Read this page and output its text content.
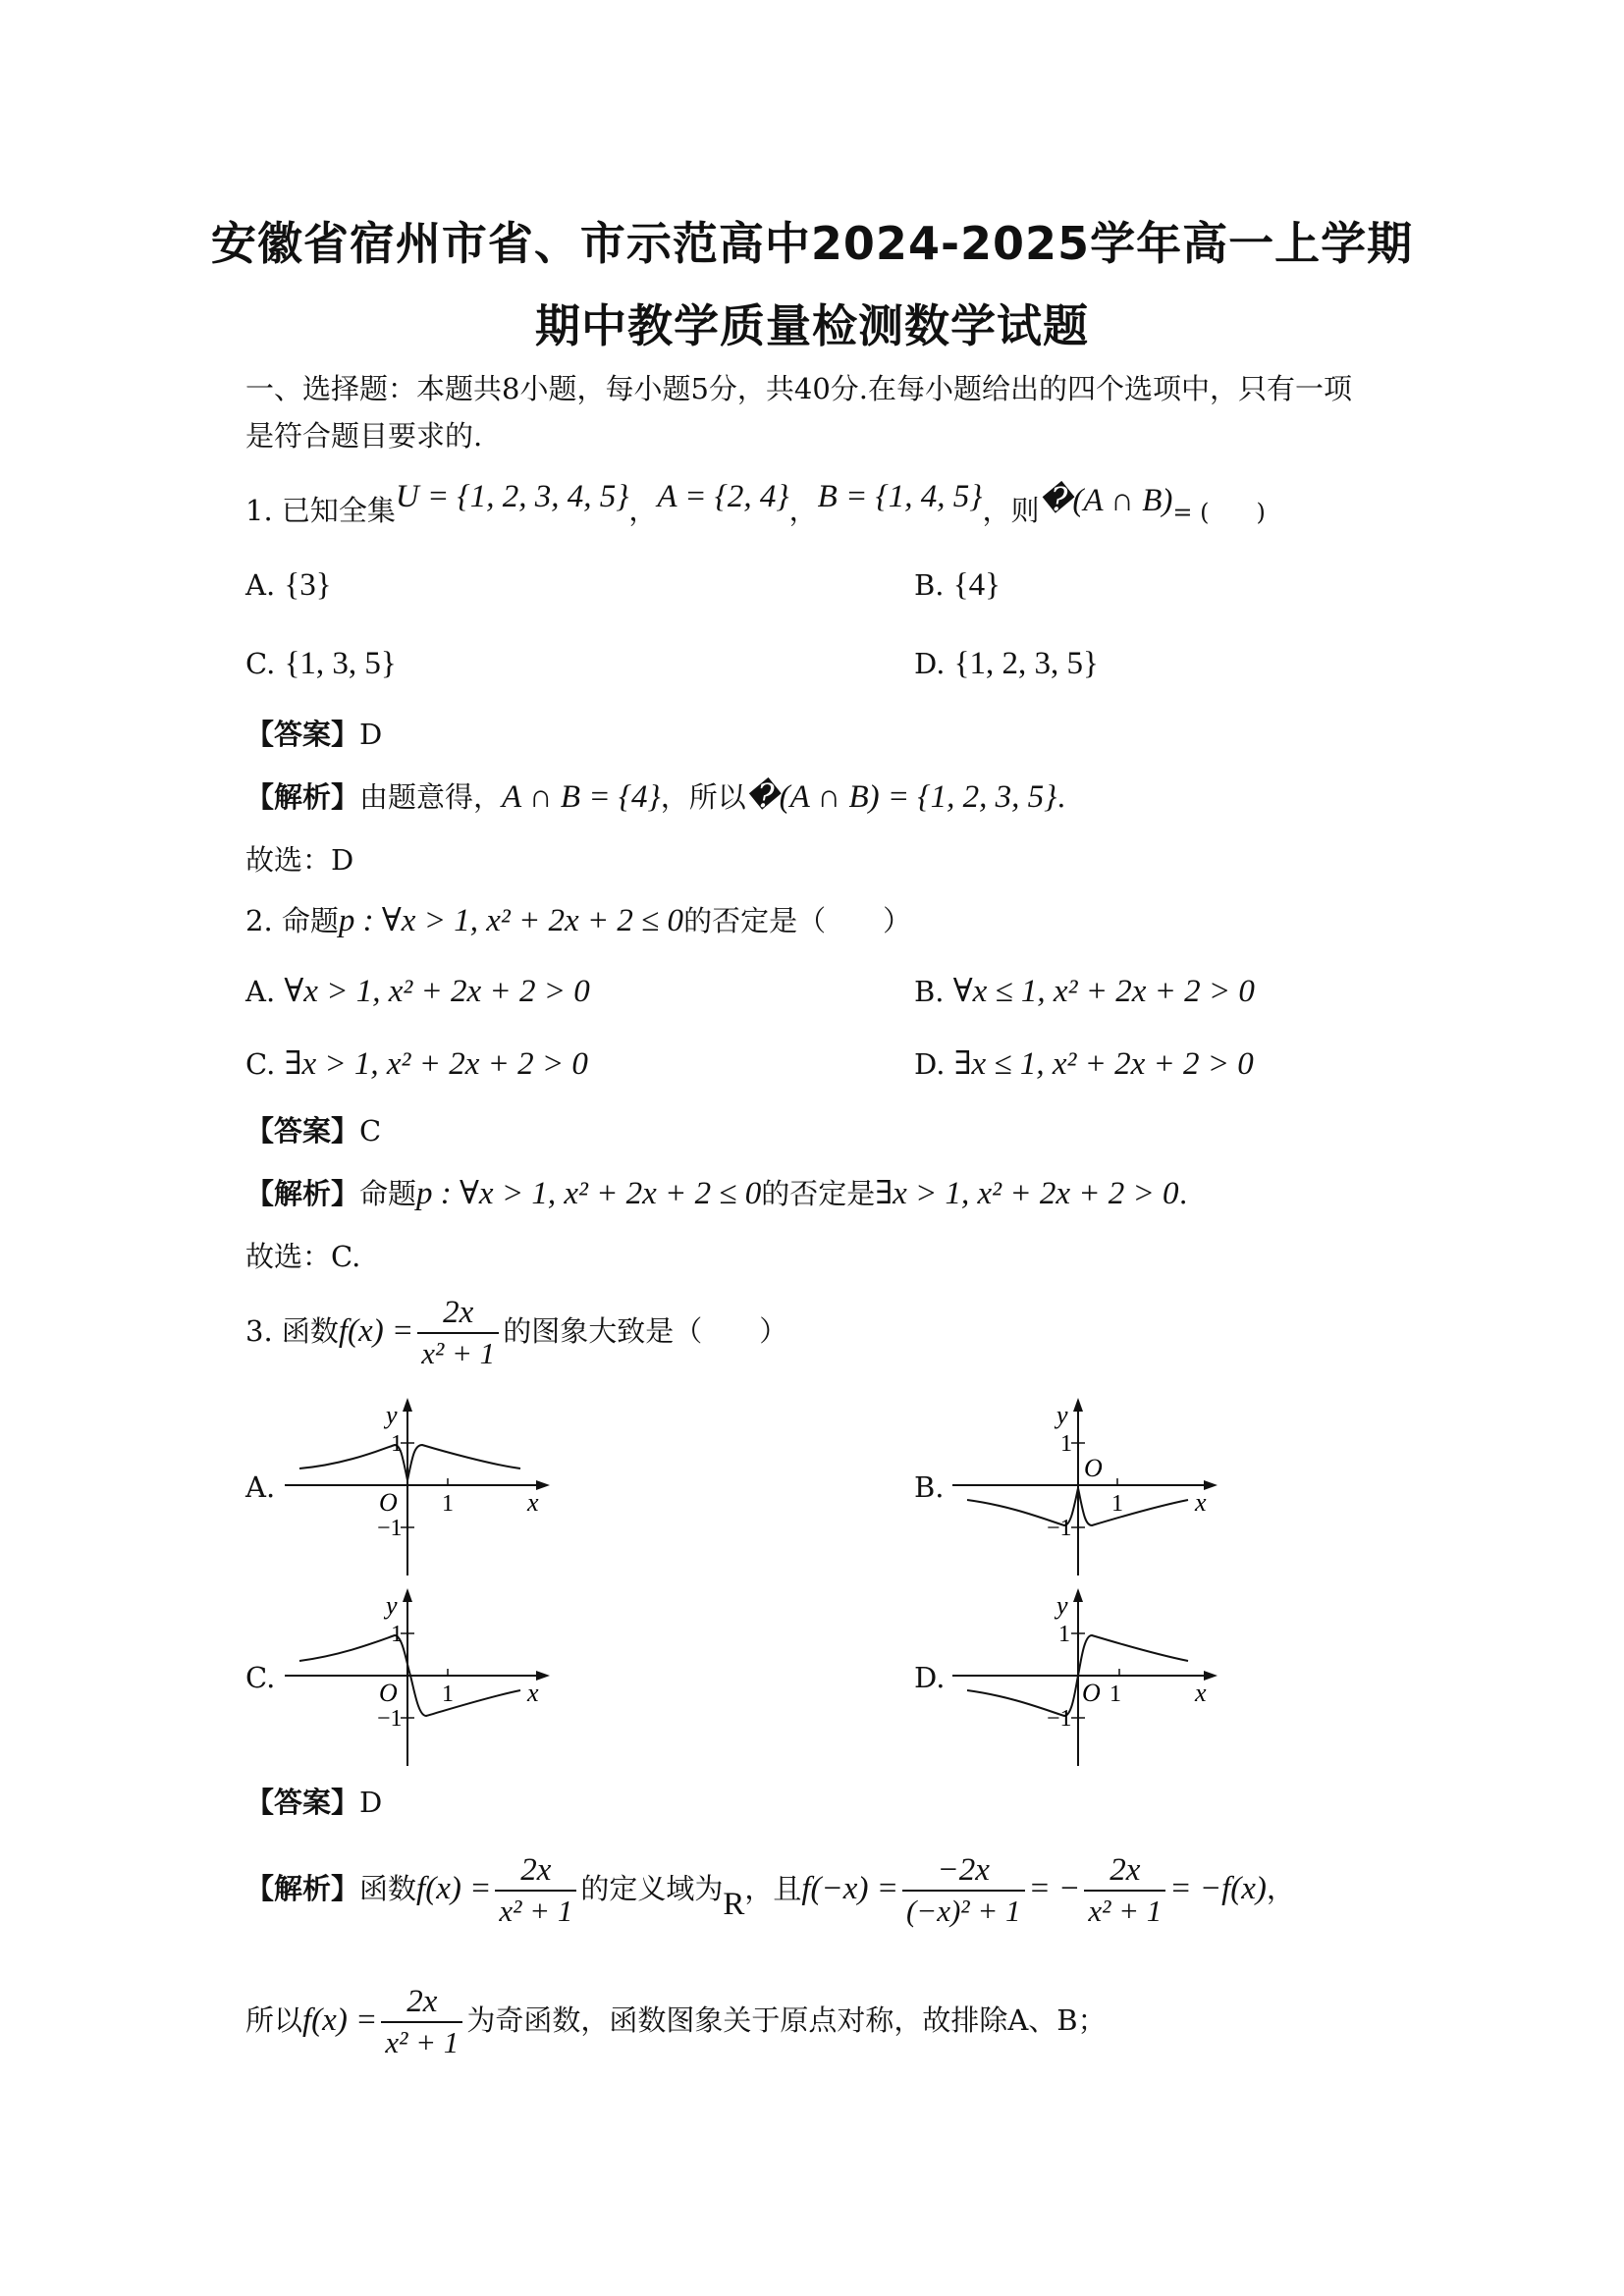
安徽省宿州市省、市示范高中2024-2025学年高一上学期
期中教学质量检测数学试题
一、选择题：本题共8小题，每小题5分，共40分.在每小题给出的四个选项中，只有一项
是符合题目要求的.
1. 已知全集U = {1, 2, 3, 4, 5}，A = {2, 4}，B = {1, 4, 5}，则�(A ∩ B)= (　　)
A. {3}	B. {4}
C. {1, 3, 5}	D. {1, 2, 3, 5}
【答案】D
【解析】由题意得，A ∩ B = {4}，所以�(A ∩ B) = {1, 2, 3, 5}.
故选：D
2. 命题p : ∀x > 1, x² + 2x + 2 ≤ 0的否定是（　　）
A. ∀x > 1, x² + 2x + 2 > 0	B. ∀x ≤ 1, x² + 2x + 2 > 0
C. ∃x > 1, x² + 2x + 2 > 0	D. ∃x ≤ 1, x² + 2x + 2 > 0
【答案】C
【解析】命题p : ∀x > 1, x² + 2x + 2 ≤ 0的否定是∃x > 1, x² + 2x + 2 > 0.
故选：C.
3. 函数$f(x) = \frac{2x}{\text{x² + 1}}$ 的图象大致是（　　）
A.	B.
C.	D.
y
1
O 1	x
−1
y
1
O
1	x
−1
y
1
O 1	x
−1
y
1
O 1	x
−1
【答案】D
【解析】函数$f(x) = \frac{2x}{\text{x² + 1}}$ 的定义域为R，且$f(-x) = \frac{-2x}{\text{(−x)² + 1}}$ = − $\frac{2x}{\text{x² + 1}} = -f(x)$，
所以$f(x) = \frac{2x}{\text{x² + 1}}$ 为奇函数，函数图象关于原点对称，故排除A、B；
